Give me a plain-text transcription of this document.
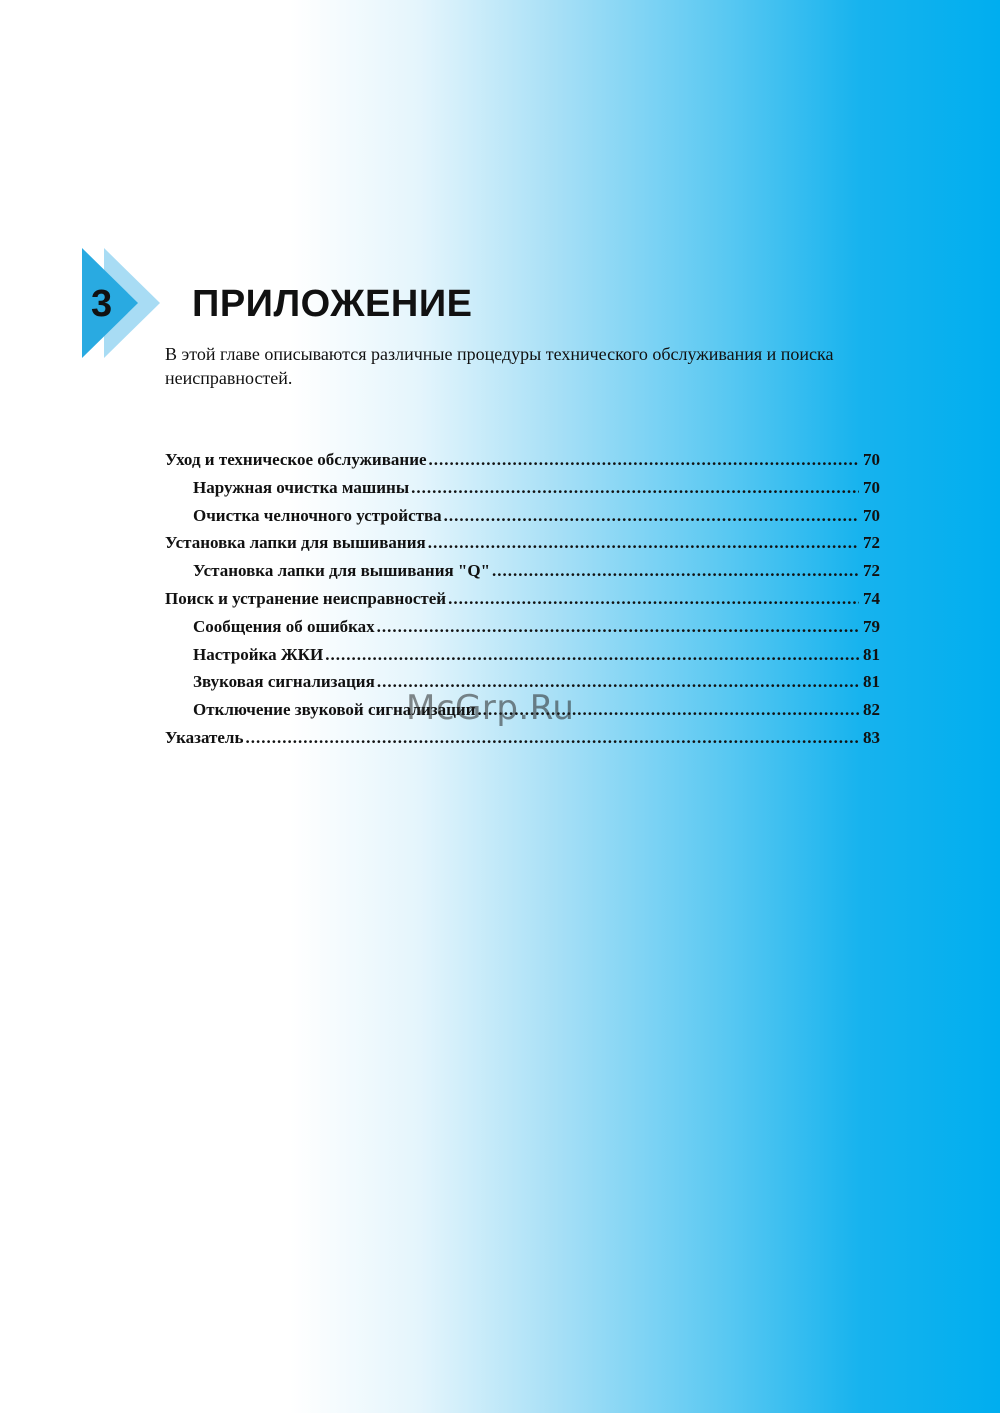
3 ПРИЛОЖЕНИЕ

В этой главе описываются различные процедуры технического обслуживания и поиска неисправностей.

Уход и техническое обслуживание .....	70
Наружная очистка машины .....	70
Очистка челночного устройства .....	70
Установка лапки для вышивания .....	72
Установка лапки для вышивания "Q" .....	72
Поиск и устранение неисправностей .....	74
Сообщения об ошибках .....	79
Настройка ЖКИ .....	81
Звуковая сигнализация .....	81
Отключение звуковой сигнализации .....	82
Указатель .....	83
McGrp.Ru
